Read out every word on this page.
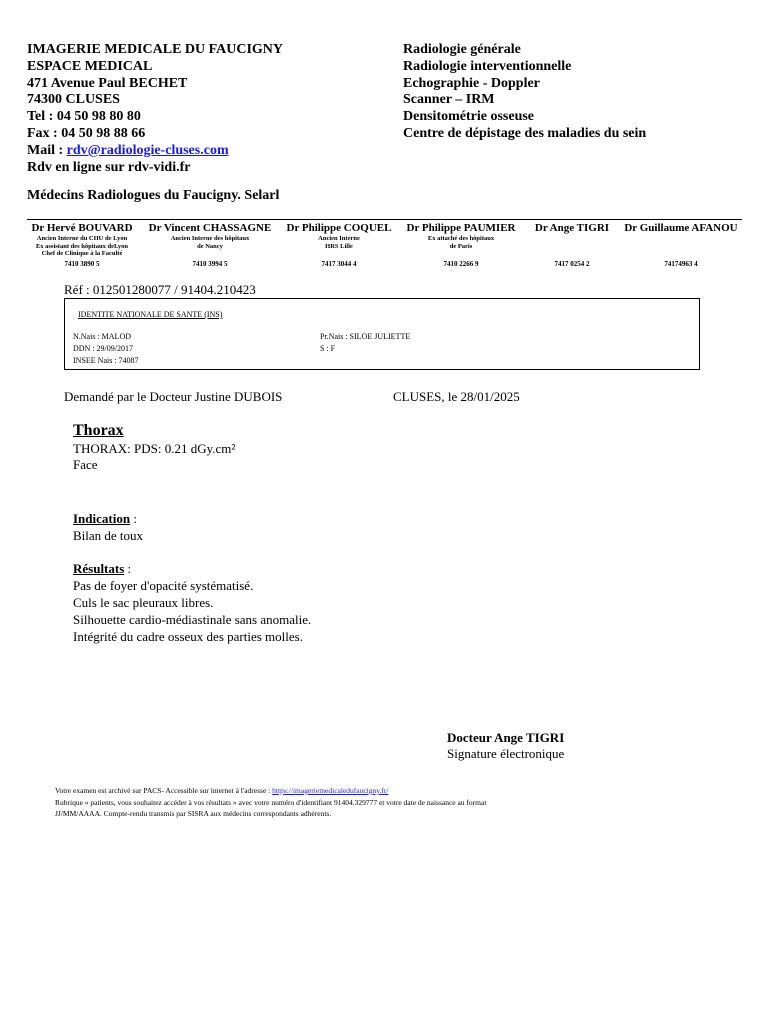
IMAGERIE MEDICALE DU FAUCIGNY
ESPACE MEDICAL
471 Avenue Paul BECHET
74300 CLUSES
Tel : 04 50 98 80 80
Fax : 04 50 98 88 66
Mail : rdv@radiologie-cluses.com
Rdv en ligne sur rdv-vidi.fr
Radiologie générale
Radiologie interventionnelle
Echographie - Doppler
Scanner – IRM
Densitométrie osseuse
Centre de dépistage des maladies du sein
Médecins Radiologues du Faucigny. Selarl
Dr Hervé BOUVARD
Ancien Interne du CHU de Lyon
Ex assistant des hôpitaux deLyon
Chef de Clinique à la Faculté
7410 3890 5
Dr Vincent CHASSAGNE
Ancien Interne des hôpitaux
de Nancy
7410 3994 5
Dr Philippe COQUEL
Ancien Interne
HRS Lille
7417 3044 4
Dr Philippe PAUMIER
Ex attaché des hôpitaux
de Paris
7410 2266 9
Dr Ange TIGRI
7417 0254 2
Dr Guillaume AFANOU
74174963 4
Réf : 012501280077 / 91404.210423
IDENTITE NATIONALE DE SANTE (INS)
N.Nais : MALOD
DDN : 29/09/2017
INSEE Nais : 74087
Pr.Nais : SILOE JULIETTE
S : F
Demandé par le Docteur Justine DUBOIS	CLUSES, le 28/01/2025
Thorax
THORAX: PDS: 0.21 dGy.cm²
Face
Indication :
Bilan de toux
Résultats :
Pas de foyer d'opacité systématisé.
Culs le sac pleuraux libres.
Silhouette cardio-médiastinale sans anomalie.
Intégrité du cadre osseux des parties molles.
Docteur Ange TIGRI
Signature électronique
Votre examen est archivé sur PACS- Accessible sur internet à l'adresse : https://imageriemedicaledufaucigny.fr/
Rubrique « patients, vous souhaitez accéder à vos résultats » avec votre numéro d'identifiant 91404.329777 et votre date de naissance au format
JJ/MM/AAAA. Compte-rendu transmis par SISRA aux médecins correspondants adhérents.
